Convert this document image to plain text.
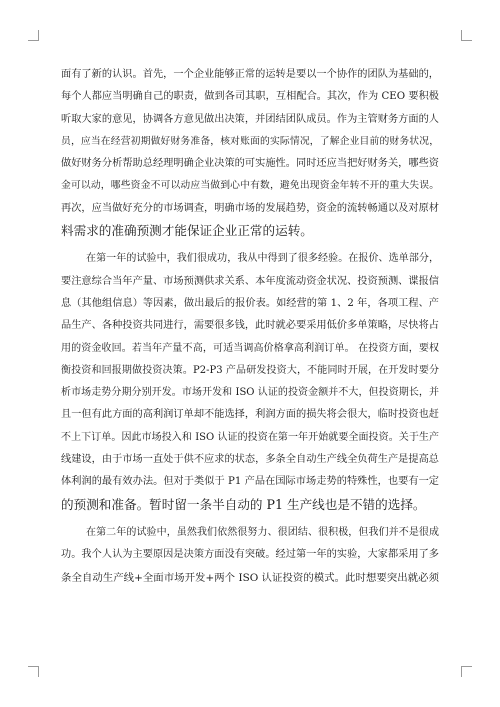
面有了新的认识。首先，一个企业能够正常的运转是要以一个协作的团队为基础的，
每个人都应当明确自己的职责，做到各司其职，互相配合。其次，作为 CEO 要积极
听取大家的意见，协调各方意见做出决策，并团结团队成员。作为主管财务方面的人
员，应当在经营初期做好财务准备，核对账面的实际情况，了解企业目前的财务状况，
做好财务分析帮助总经理明确企业决策的可实施性。同时还应当把好财务关，哪些资
金可以动，哪些资金不可以动应当做到心中有数，避免出现资金年转不开的重大失误。
再次，应当做好充分的市场调查，明确市场的发展趋势，资金的流转畅通以及对原材
料需求的准确预测才能保证企业正常的运转。
在第一年的试验中，我们很成功，我从中得到了很多经验。在报价、选单部分，
要注意综合当年产量、市场预测供求关系、本年度流动资金状况、投资预测、谍报信
息（其他组信息）等因素，做出最后的报价表。如经营的第 1、2 年，各项工程、产
品生产、各种投资共同进行，需要很多钱，此时就必要采用低价多单策略，尽快将占
用的资金收回。若当年产量不高，可适当调高价格拿高利润订单。 在投资方面，要权
衡投资和回报期做投资决策。P2-P3 产品研发投资大，不能同时开展，在开发时要分
析市场走势分期分别开发。市场开发和 ISO 认证的投资金额并不大，但投资期长，并
且一但有此方面的高利润订单却不能选择，利润方面的损失将会很大，临时投资也赶
不上下订单。因此市场投入和 ISO 认证的投资在第一年开始就要全面投资。关于生产
线建设，由于市场一直处于供不应求的状态，多条全自动生产线全负荷生产是提高总
体利润的最有效办法。但对于类似于 P1 产品在国际市场走势的特殊性，也要有一定
的预测和准备。暂时留一条半自动的 P1 生产线也是不错的选择。
在第二年的试验中，虽然我们依然很努力、很团结、很积极，但我们并不是很成
功。我个人认为主要原因是决策方面没有突破。经过第一年的实验，大家都采用了多
条全自动生产线+全面市场开发+两个 ISO 认证投资的模式。此时想要突出就必须
